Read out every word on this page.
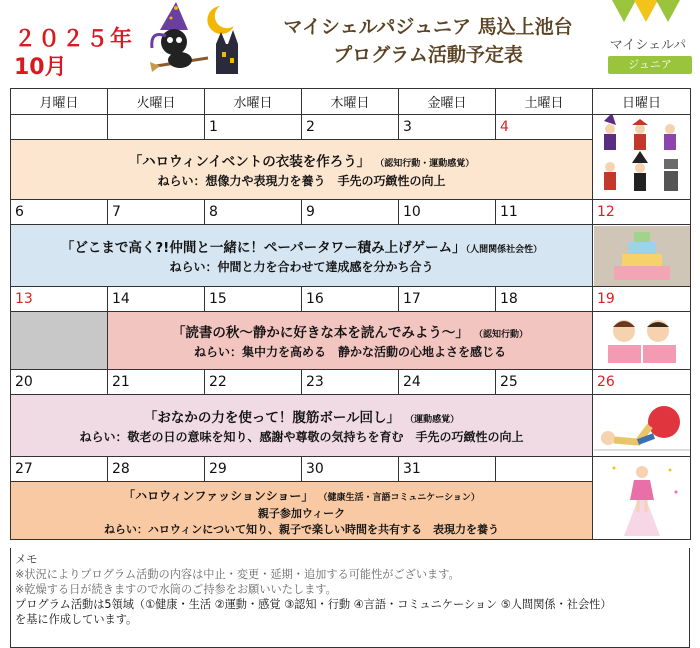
２０２５年
10月
マイシェルパジュニア 馬込上池台
プログラム活動予定表	マイシェルパ
ジュニア
月曜日	火曜日	水曜日	木曜日	金曜日	土曜日	日曜日
		1	2	3	4	

「ハロウィンイベントの衣装を作ろう」 （認知行動・運動感覚）
ねらい：想像力や表現力を養う　手先の巧緻性の向上						

6	7	8	9	10	11	12

「どこまで高く?!仲間と一緒に！ペーパータワー積み上げゲーム」（人間関係社会性）
ねらい：仲間と力を合わせて達成感を分かち合う

13	14	15	16	17	18	19

	「読書の秋〜静かに好きな本を読んでみよう〜」 （認知行動）
ねらい：集中力を高める　静かな活動の心地よさを感じる

20	21	22	23	24	25	26

「おなかの力を使って！腹筋ボール回し」 （運動感覚）
ねらい：敬老の日の意味を知り、感謝や尊敬の気持ちを育む　手先の巧緻性の向上

27	28	29	30	31		

「ハロウィンファッションショー」 （健康生活・言語コミュニケーション）
親子参加ウィーク
ねらい：ハロウィンについて知り、親子で楽しい時間を共有する　表現力を養う						
メモ
※状況によりプログラム活動の内容は中止・変更・延期・追加する可能性がございます。
※乾燥する日が続きますので水筒のご持参をお願いいたします。
プログラム活動は5領域（①健康・生活 ②運動・感覚 ③認知・行動 ④言語・コミュニケーション ⑤人間関係・社会性）
を基に作成しています。
